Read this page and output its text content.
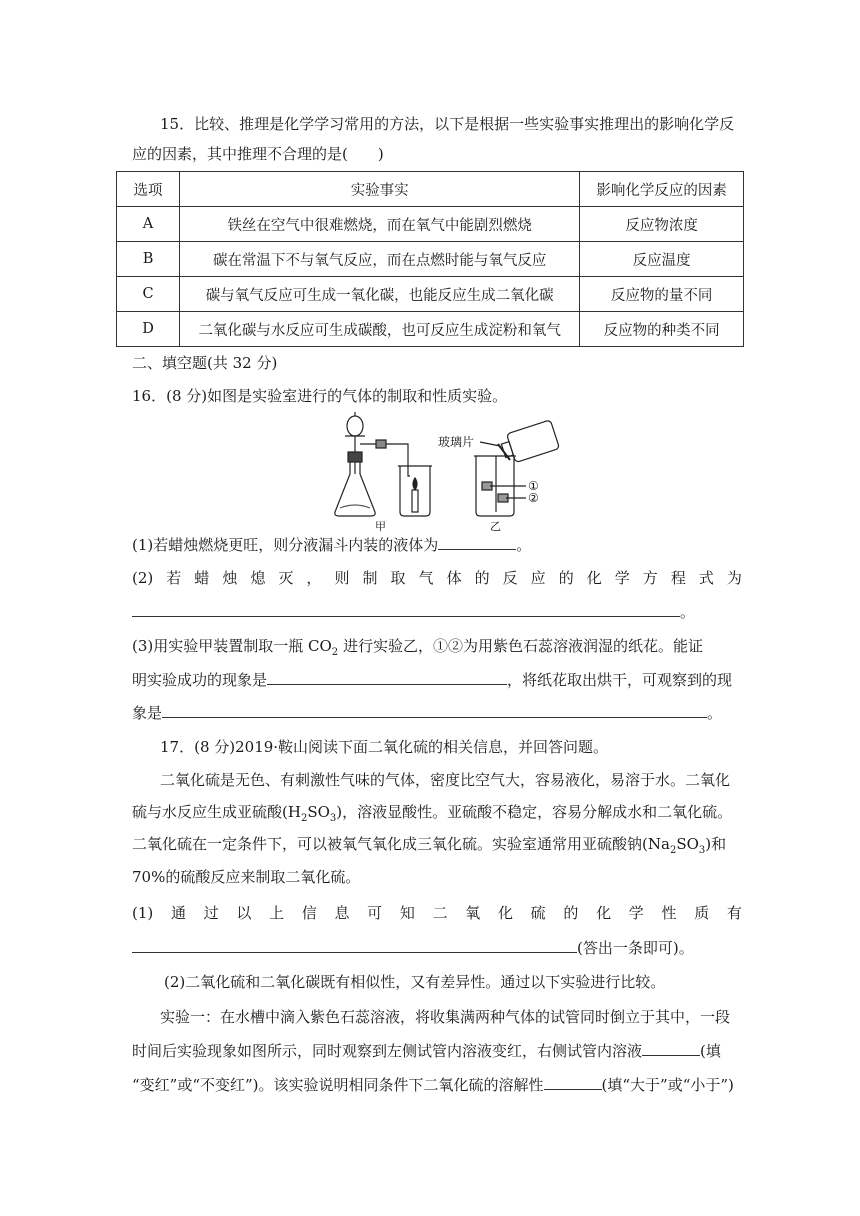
15．比较、推理是化学学习常用的方法，以下是根据一些实验事实推理出的影响化学反
应的因素，其中推理不合理的是(　　)
选项	实验事实	影响化学反应的因素
A	铁丝在空气中很难燃烧，而在氧气中能剧烈燃烧	反应物浓度
B	碳在常温下不与氧气反应，而在点燃时能与氧气反应	反应温度
C	碳与氧气反应可生成一氧化碳，也能反应生成二氧化碳	反应物的量不同
D	二氧化碳与水反应可生成碳酸，也可反应生成淀粉和氧气	反应物的种类不同
二、填空题(共 32 分)
16．(8 分)如图是实验室进行的气体的制取和性质实验。
玻璃片
①
②
甲	乙
(1)若蜡烛燃烧更旺，则分液漏斗内装的液体为	。
(2) 若 蜡 烛 熄 灭 ， 则 制 取 气 体 的 反 应 的 化 学 方 程 式 为
。
(3)用实验甲装置制取一瓶 $CO_2$ 进行实验乙，①②为用紫色石蕊溶液润湿的纸花。能证
明实验成功的现象是	，将纸花取出烘干，可观察到的现
象是	。
17．(8 分)2019·鞍山阅读下面二氧化硫的相关信息，并回答问题。
二氧化硫是无色、有刺激性气味的气体，密度比空气大，容易液化，易溶于水。二氧化
硫与水反应生成亚硫酸$(H_2SO_3)$，溶液显酸性。亚硫酸不稳定，容易分解成水和二氧化硫。
二氧化硫在一定条件下，可以被氧气氧化成三氧化硫。实验室通常用亚硫酸钠$(Na_2SO_3)$和
70%的硫酸反应来制取二氧化硫。
(1) 通 过 以 上 信 息 可 知 二 氧 化 硫 的 化 学 性 质 有
(答出一条即可)。
(2)二氧化硫和二氧化碳既有相似性，又有差异性。通过以下实验进行比较。
实验一：在水槽中滴入紫色石蕊溶液，将收集满两种气体的试管同时倒立于其中，一段
时间后实验现象如图所示，同时观察到左侧试管内溶液变红，右侧试管内溶液	(填
“变红”或“不变红”)。该实验说明相同条件下二氧化硫的溶解性	(填“大于”或“小于”)
